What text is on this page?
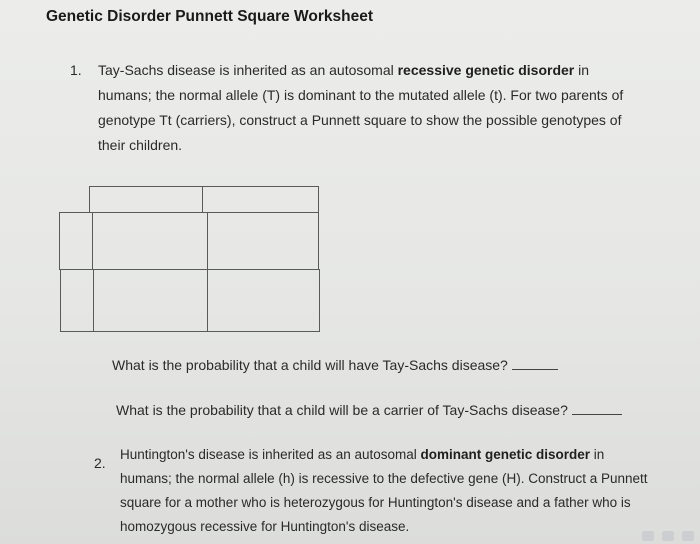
Genetic Disorder Punnett Square Worksheet
1. Tay-Sachs disease is inherited as an autosomal recessive genetic disorder in
humans; the normal allele (T) is dominant to the mutated allele (t). For two parents of
genotype Tt (carriers), construct a Punnett square to show the possible genotypes of
their children.
What is the probability that a child will have Tay-Sachs disease?
What is the probability that a child will be a carrier of Tay-Sachs disease?
2.
Huntington's disease is inherited as an autosomal dominant genetic disorder in
humans; the normal allele (h) is recessive to the defective gene (H). Construct a Punnett
square for a mother who is heterozygous for Huntington's disease and a father who is
homozygous recessive for Huntington's disease.
